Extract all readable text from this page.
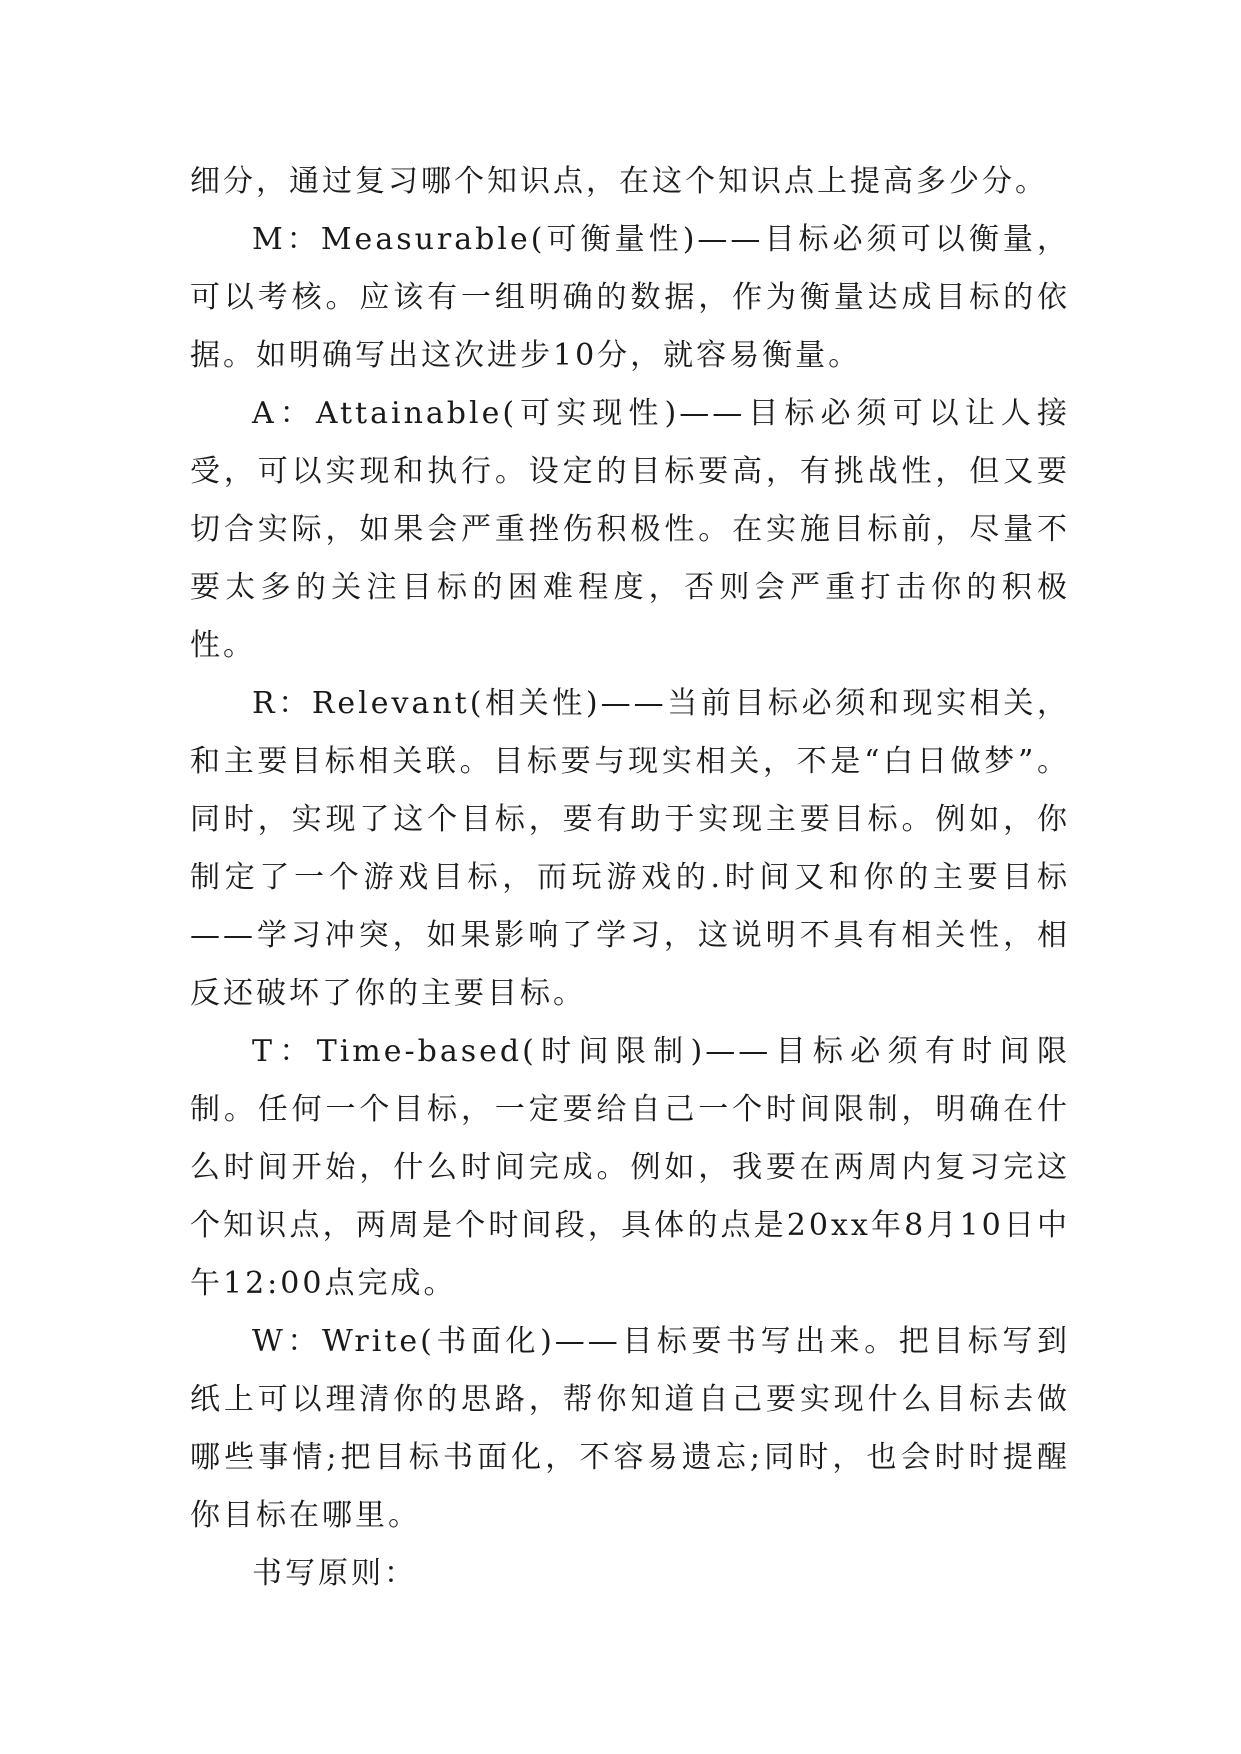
细分，通过复习哪个知识点，在这个知识点上提高多少分。

M：Measurable(可衡量性)——目标必须可以衡量，可以考核。应该有一组明确的数据，作为衡量达成目标的依据。如明确写出这次进步10分，就容易衡量。

A：Attainable(可实现性)——目标必须可以让人接受，可以实现和执行。设定的目标要高，有挑战性，但又要切合实际，如果会严重挫伤积极性。在实施目标前，尽量不要太多的关注目标的困难程度，否则会严重打击你的积极性。

R：Relevant(相关性)——当前目标必须和现实相关，和主要目标相关联。目标要与现实相关，不是“白日做梦”。同时，实现了这个目标，要有助于实现主要目标。例如，你制定了一个游戏目标，而玩游戏的.时间又和你的主要目标——学习冲突，如果影响了学习，这说明不具有相关性，相反还破坏了你的主要目标。

T：Time-based(时间限制)——目标必须有时间限制。任何一个目标，一定要给自己一个时间限制，明确在什么时间开始，什么时间完成。例如，我要在两周内复习完这个知识点，两周是个时间段，具体的点是20xx年8月10日中午12:00点完成。

W：Write(书面化)——目标要书写出来。把目标写到纸上可以理清你的思路，帮你知道自己要实现什么目标去做哪些事情;把目标书面化，不容易遗忘;同时，也会时时提醒你目标在哪里。

书写原则：
